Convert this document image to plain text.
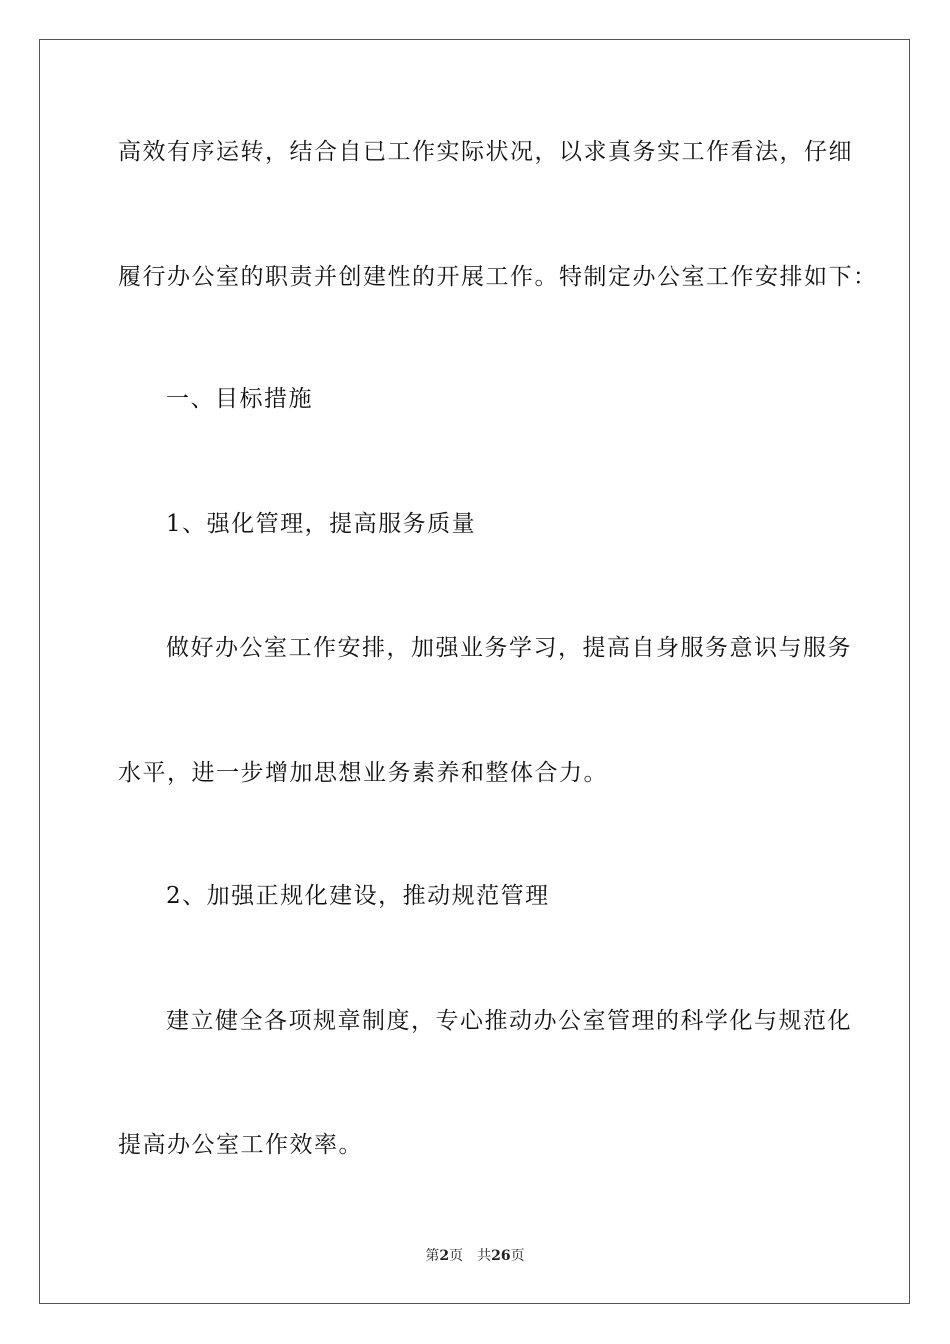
高效有序运转，结合自已工作实际状况，以求真务实工作看法，仔细
履行办公室的职责并创建性的开展工作。特制定办公室工作安排如下：
一、目标措施
1、强化管理，提高服务质量
做好办公室工作安排，加强业务学习，提高自身服务意识与服务
水平，进一步增加思想业务素养和整体合力。
2、加强正规化建设，推动规范管理
建立健全各项规章制度，专心推动办公室管理的科学化与规范化
提高办公室工作效率。
第2页 共26页
